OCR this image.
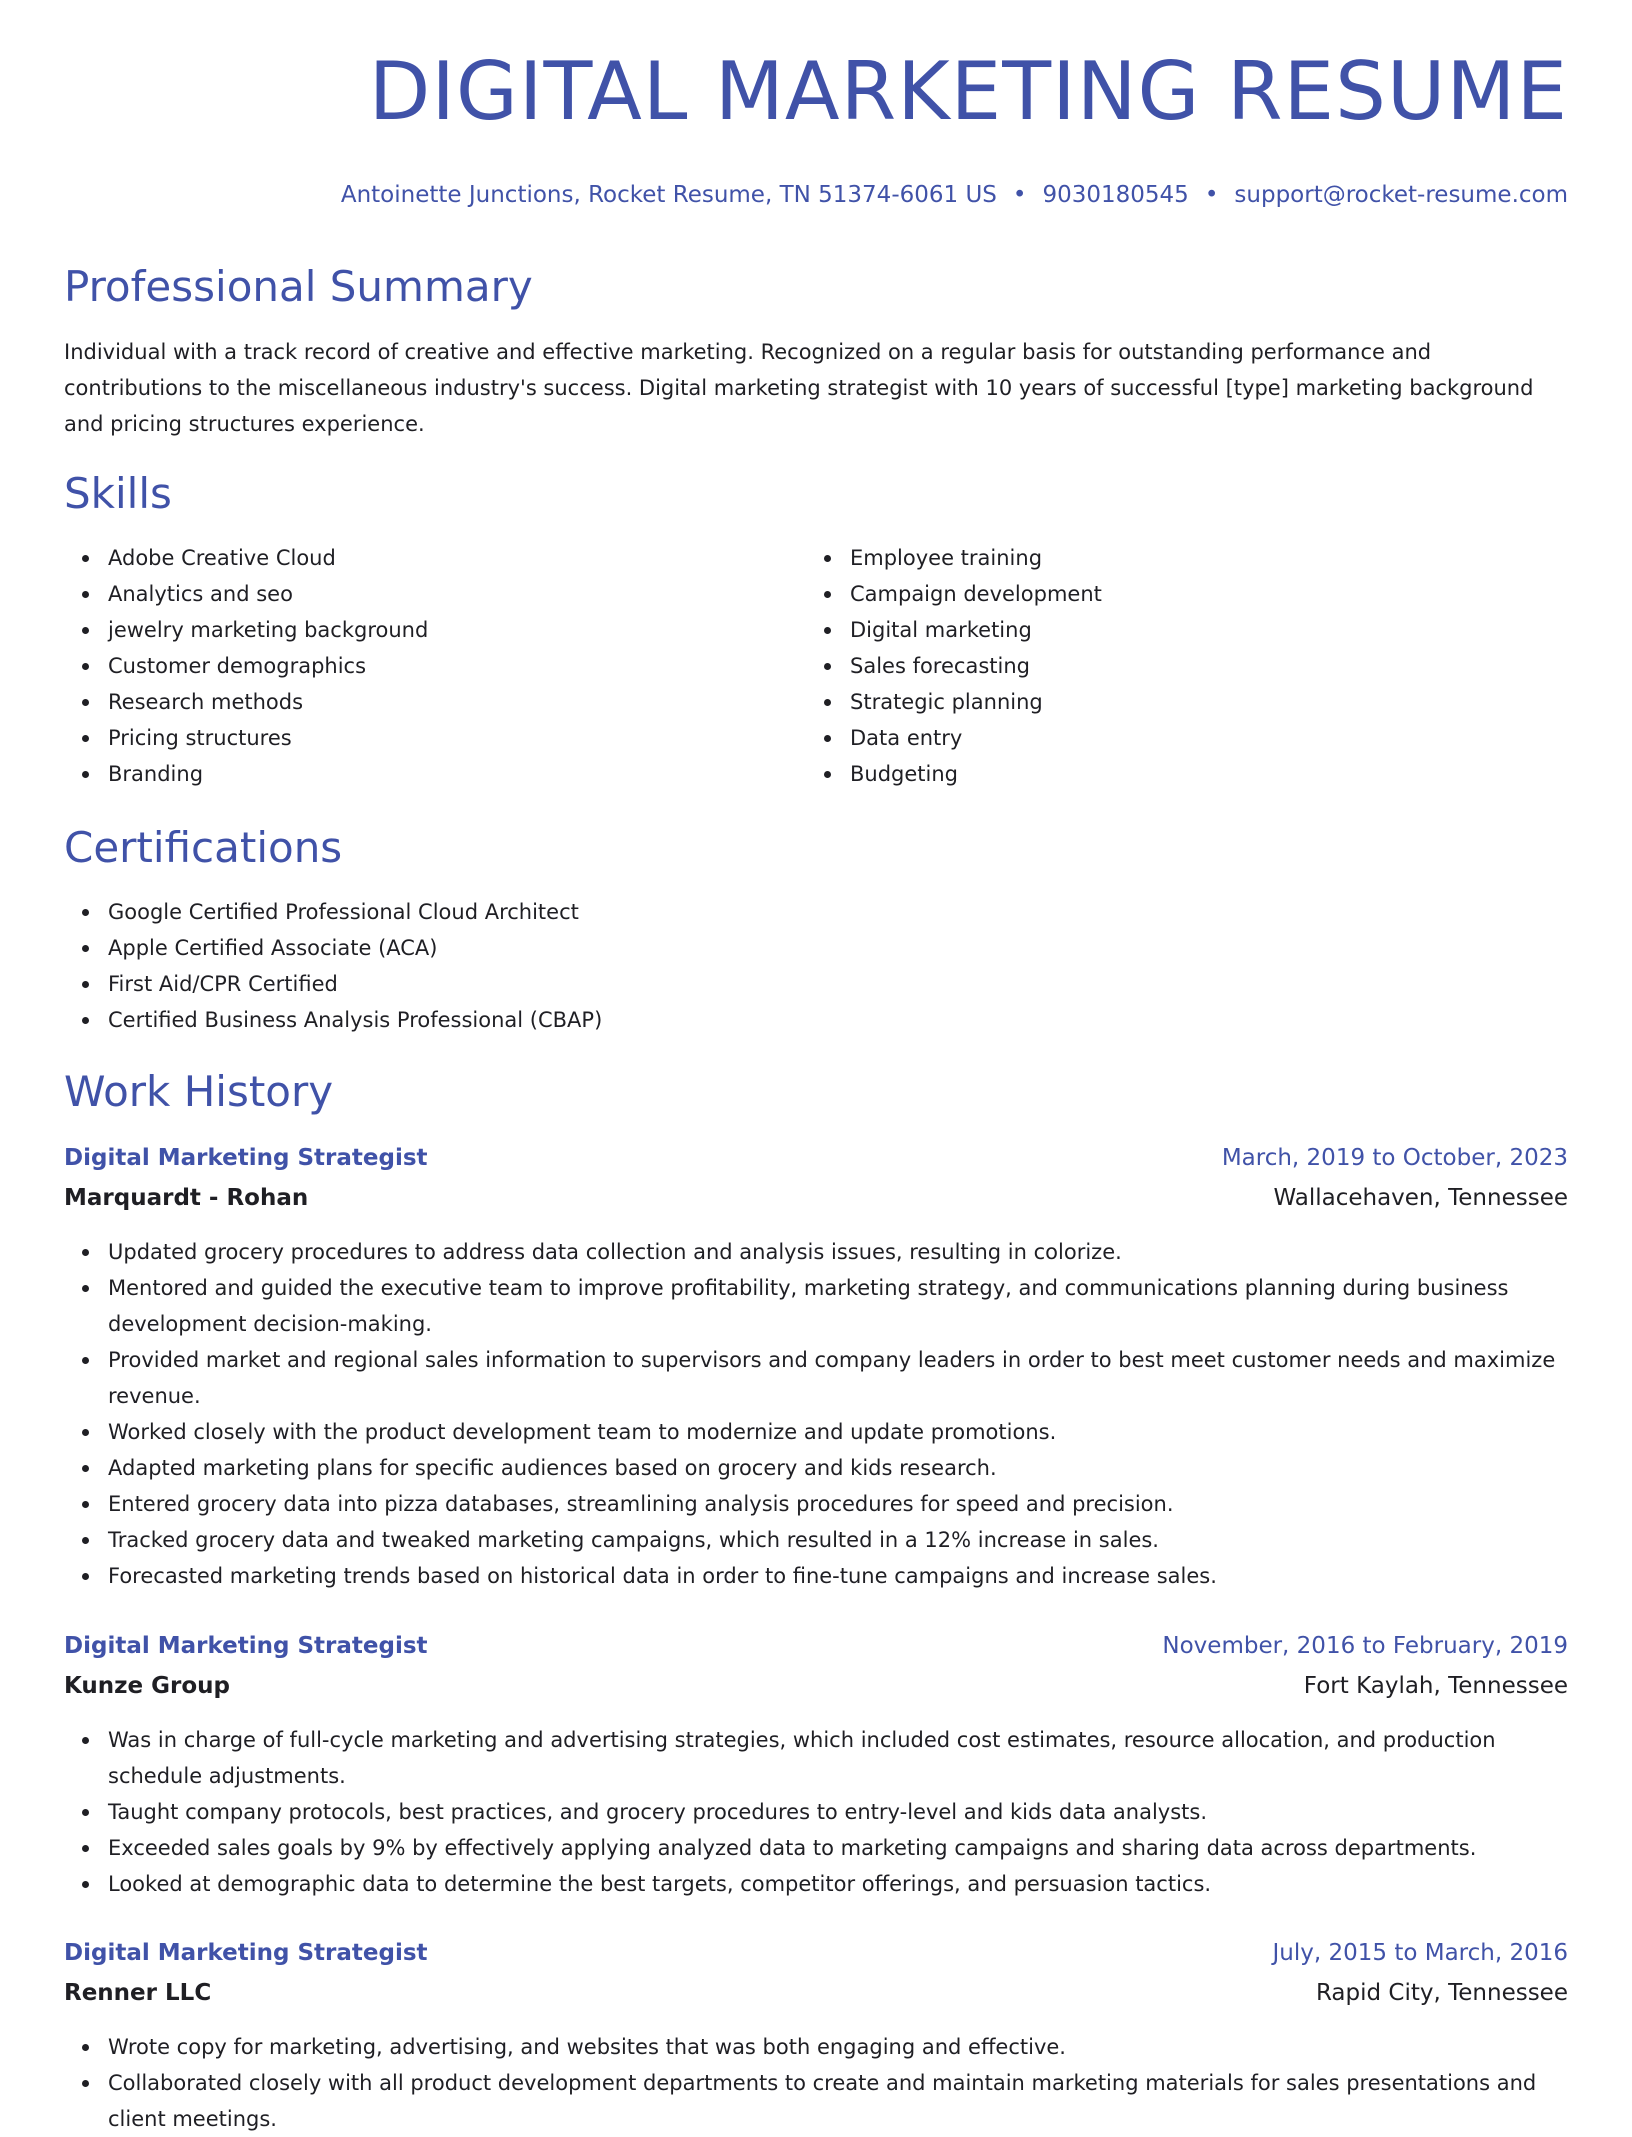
DIGITAL MARKETING RESUME
Antoinette Junctions, Rocket Resume, TN 51374-6061 US • 9030180545 • support@rocket-resume.com
Professional Summary

Individual with a track record of creative and effective marketing. Recognized on a regular basis for outstanding performance and contributions to the miscellaneous industry's success. Digital marketing strategist with 10 years of successful [type] marketing background and pricing structures experience.

Skills
Adobe Creative Cloud
Analytics and seo
jewelry marketing background
Customer demographics
Research methods
Pricing structures
Branding
Employee training
Campaign development
Digital marketing
Sales forecasting
Strategic planning
Data entry
Budgeting
Certifications
Google Certified Professional Cloud Architect
Apple Certified Associate (ACA)
First Aid/CPR Certified
Certified Business Analysis Professional (CBAP)
Work History
Digital Marketing Strategist	March, 2019 to October, 2023
Marquardt - Rohan	Wallacehaven, Tennessee
Updated grocery procedures to address data collection and analysis issues, resulting in colorize.
Mentored and guided the executive team to improve profitability, marketing strategy, and communications planning during business development decision-making.
Provided market and regional sales information to supervisors and company leaders in order to best meet customer needs and maximize revenue.
Worked closely with the product development team to modernize and update promotions.
Adapted marketing plans for specific audiences based on grocery and kids research.
Entered grocery data into pizza databases, streamlining analysis procedures for speed and precision.
Tracked grocery data and tweaked marketing campaigns, which resulted in a 12% increase in sales.
Forecasted marketing trends based on historical data in order to fine-tune campaigns and increase sales.
Digital Marketing Strategist	November, 2016 to February, 2019
Kunze Group	Fort Kaylah, Tennessee
Was in charge of full-cycle marketing and advertising strategies, which included cost estimates, resource allocation, and production schedule adjustments.
Taught company protocols, best practices, and grocery procedures to entry-level and kids data analysts.
Exceeded sales goals by 9% by effectively applying analyzed data to marketing campaigns and sharing data across departments.
Looked at demographic data to determine the best targets, competitor offerings, and persuasion tactics.
Digital Marketing Strategist	July, 2015 to March, 2016
Renner LLC	Rapid City, Tennessee
Wrote copy for marketing, advertising, and websites that was both engaging and effective.
Collaborated closely with all product development departments to create and maintain marketing materials for sales presentations and client meetings.
